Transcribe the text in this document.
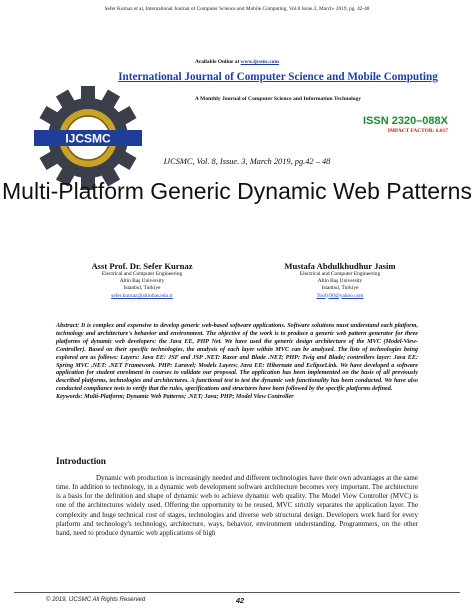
Sefer Kurnaz et al, International Journal of Computer Science and Mobile Computing, Vol.8 Issue.3, March- 2019, pg. 42-48
Available Online at www.ijcsmc.com
IJCSMC
International Journal of Computer Science and Mobile Computing
A Monthly Journal of Computer Science and Information Technology
ISSN 2320–088X
IMPACT FACTOR: 6.017
IJCSMC, Vol. 8, Issue. 3, March 2019, pg.42 – 48
Multi-Platform Generic Dynamic Web Patterns
Asst Prof. Dr. Sefer Kurnaz
Electrical and Computer Engineering
Altin Baş University
Istanbul, Turkiye
sefer.kurnaz@altinbas.edu.tr
Mustafa Abdulkhudhur Jasim
Electrical and Computer Engineering
Altin Baş University
Istanbul, Turkiye
Toofy90@yahoo.com

Abstract: It is complex and expensive to develop generic web-based software applications. Software solutions must understand each platform, technology and architecture's behavior and environment. The objective of the work is to produce a generic web pattern generator for three platforms of dynamic web developers: the Java EE, PHP Net. We have used the generic design architecture of the MVC (Model-View-Controller). Based on their specific technologies, the analysis of each layer within MVC can be analyzed. The lists of technologies being explored are as follows: Layers: Java EE: JSF and JSP .NET: Razor and Blade .NET; PHP: Twig and Blade; controllers layer: Java EE: Spring MVC .NET: .NET Framework. PHP: Laravel; Models Layers: Java EE: Hibernate and EclipseLink. We have developed a software application for student enrolment in courses to validate our proposal. The application has been implemented on the basis of all previously described platforms, technologies and architectures. A functional test to test the dynamic web functionality has been conducted. We have also conducted compliance tests to verify that the rules, specifications and structures have been followed by the specific platforms defined.

Keywords: Multi-Platform; Dynamic Web Patterns; .NET; Java; PHP; Model View Controller

Introduction

Dynamic web production is increasingly needed and different technologies have their own advantages at the same time. In addition to technology, in a dynamic web development software architecture becomes very important. The architecture is a basis for the definition and shape of dynamic web to achieve dynamic web quality. The Model View Controller (MVC) is one of the architectures widely used. Offering the opportunity to be reused, MVC strictly separates the application layer. The complexity and huge technical cost of stages, technologies and diverse web structural design. Developers work hard for every platform and technology's technology, architecture, ways, behavior, environment understanding. Programmers, on the other hand, need to produce dynamic web applications of high

© 2019, IJCSMC All Rights Reserved	42
